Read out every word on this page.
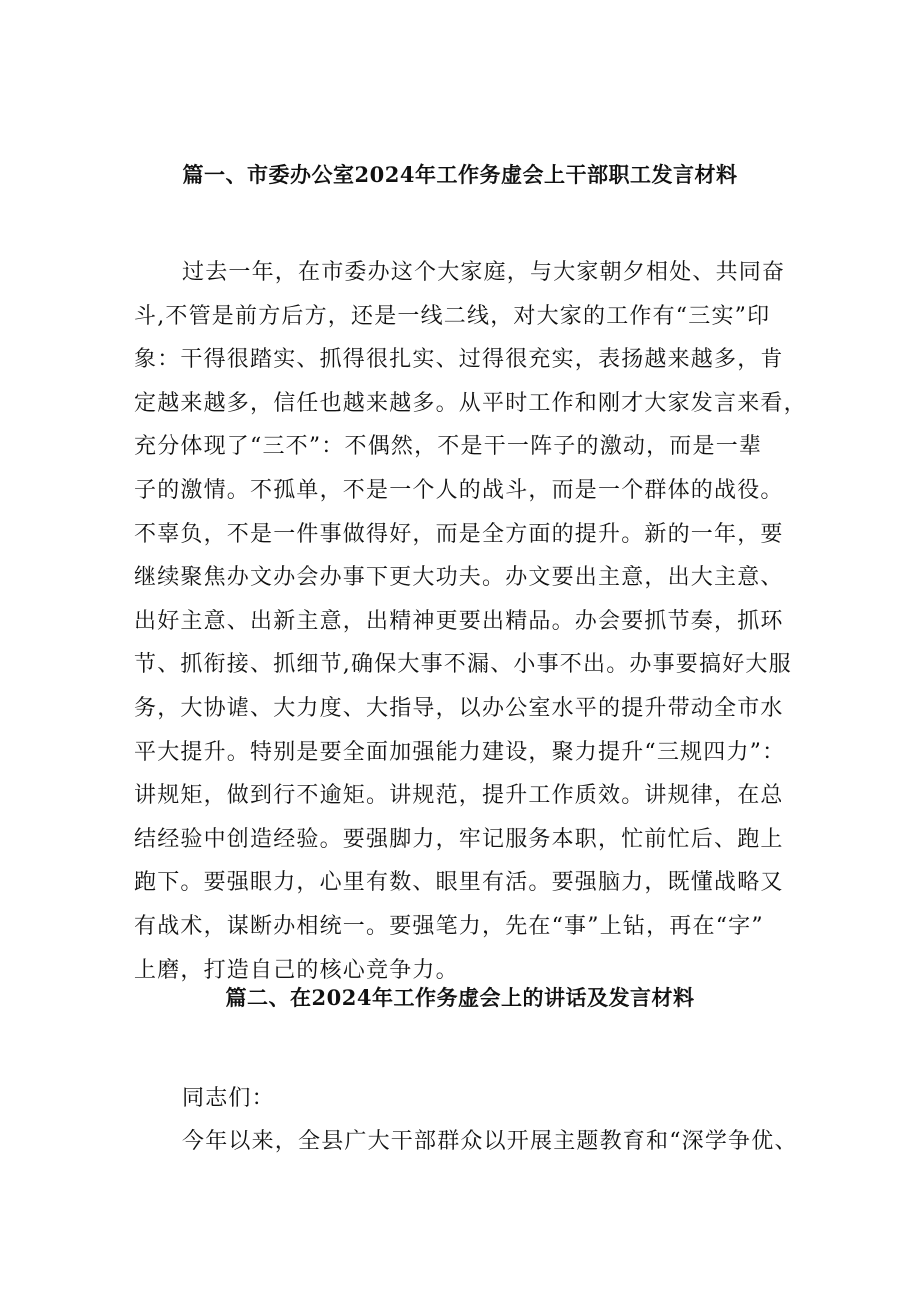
篇一、市委办公室2024年工作务虚会上干部职工发言材料
过去一年，在市委办这个大家庭，与大家朝夕相处、共同奋
斗,不管是前方后方，还是一线二线，对大家的工作有“三实”印
象：干得很踏实、抓得很扎实、过得很充实，表扬越来越多，肯
定越来越多，信任也越来越多。从平时工作和刚才大家发言来看，
充分体现了“三不”：不偶然，不是干一阵子的激动，而是一辈
子的激情。不孤单，不是一个人的战斗，而是一个群体的战役。
不辜负，不是一件事做得好，而是全方面的提升。新的一年，要
继续聚焦办文办会办事下更大功夫。办文要出主意，出大主意、
出好主意、出新主意，出精神更要出精品。办会要抓节奏，抓环
节、抓衔接、抓细节,确保大事不漏、小事不出。办事要搞好大服
务，大协谑、大力度、大指导，以办公室水平的提升带动全市水
平大提升。特别是要全面加强能力建设，聚力提升“三规四力”：
讲规矩，做到行不逾矩。讲规范，提升工作质效。讲规律，在总
结经验中创造经验。要强脚力，牢记服务本职，忙前忙后、跑上
跑下。要强眼力，心里有数、眼里有活。要强脑力，既懂战略又
有战术，谋断办相统一。要强笔力，先在“事”上钻，再在“字”
上磨，打造自己的核心竞争力。
篇二、在2024年工作务虚会上的讲话及发言材料

同志们：

今年以来，全县广大干部群众以开展主题教育和“深学争优、
